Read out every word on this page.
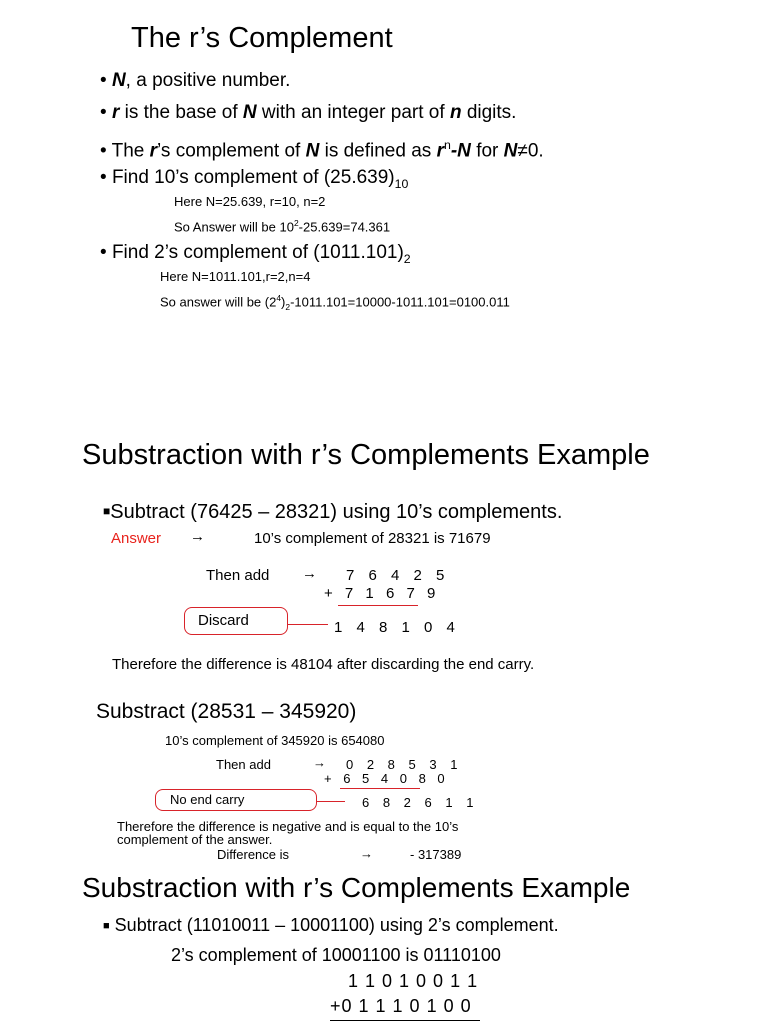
The r’s Complement
• N, a positive number.
• r is the base of N with an integer part of n digits.
• The r’s complement of N is defined as $r^n-N$ for N≠0.
• Find 10’s complement of $(25.639)_{10}$
Here N=25.639, r=10, n=2
So Answer will be $10^2-25.639=74.361$
• Find 2’s complement of $(1011.101)_2$
Here N=1011.101,r=2,n=4
So answer will be $(2^4)_2-1011.101=10000-1011.101=0100.011$
Substraction with r’s Complements Example
■Subtract (76425 – 28321) using 10’s complements.
Answer →	10’s complement of 28321 is 71679
Then add → 7 6 4 2 5
+ 7 1 6 7 9
Discard	1 4 8 1 0 4
Therefore the difference is 48104 after discarding the end carry.
Substract (28531 – 345920)
10’s complement of 345920 is 654080
Then add	→ 0 2 8 5 3 1
+ 6 5 4 0 8 0
No end carry	6 8 2 6 1 1
Therefore the difference is negative and is equal to the 10’s
complement of the answer.
Difference is	→	- 317389
Substraction with r’s Complements Example
■ Subtract (11010011 – 10001100) using 2’s complement.
2’s complement of 10001100 is 01110100
1 1 0 1 0 0 1 1
+0 1 1 1 0 1 0 0
